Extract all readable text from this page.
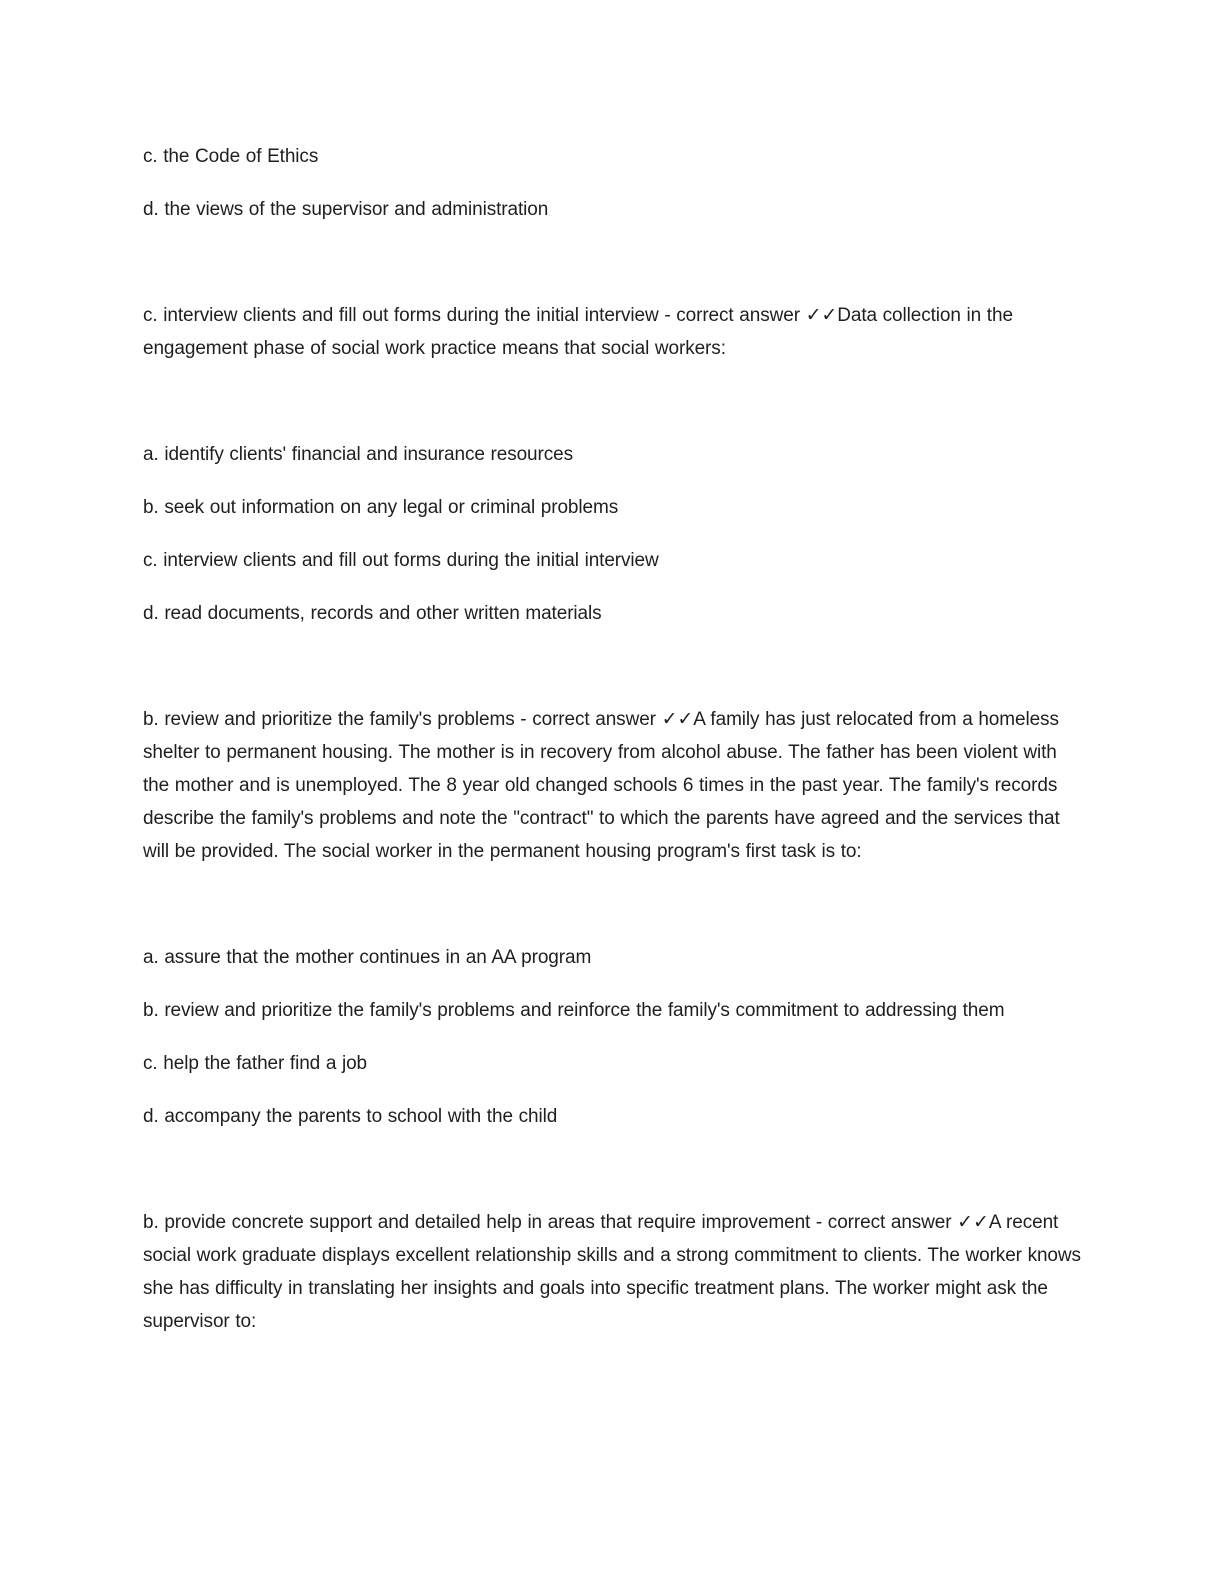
c. the Code of Ethics

d. the views of the supervisor and administration

c. interview clients and fill out forms during the initial interview - correct answer ✓✓Data collection in the engagement phase of social work practice means that social workers:

a. identify clients' financial and insurance resources

b. seek out information on any legal or criminal problems

c. interview clients and fill out forms during the initial interview

d. read documents, records and other written materials

b. review and prioritize the family's problems - correct answer ✓✓A family has just relocated from a homeless shelter to permanent housing. The mother is in recovery from alcohol abuse. The father has been violent with the mother and is unemployed. The 8 year old changed schools 6 times in the past year. The family's records describe the family's problems and note the "contract" to which the parents have agreed and the services that will be provided. The social worker in the permanent housing program's first task is to:

a. assure that the mother continues in an AA program

b. review and prioritize the family's problems and reinforce the family's commitment to addressing them

c. help the father find a job

d. accompany the parents to school with the child

b. provide concrete support and detailed help in areas that require improvement - correct answer ✓✓A recent social work graduate displays excellent relationship skills and a strong commitment to clients. The worker knows she has difficulty in translating her insights and goals into specific treatment plans. The worker might ask the supervisor to:
